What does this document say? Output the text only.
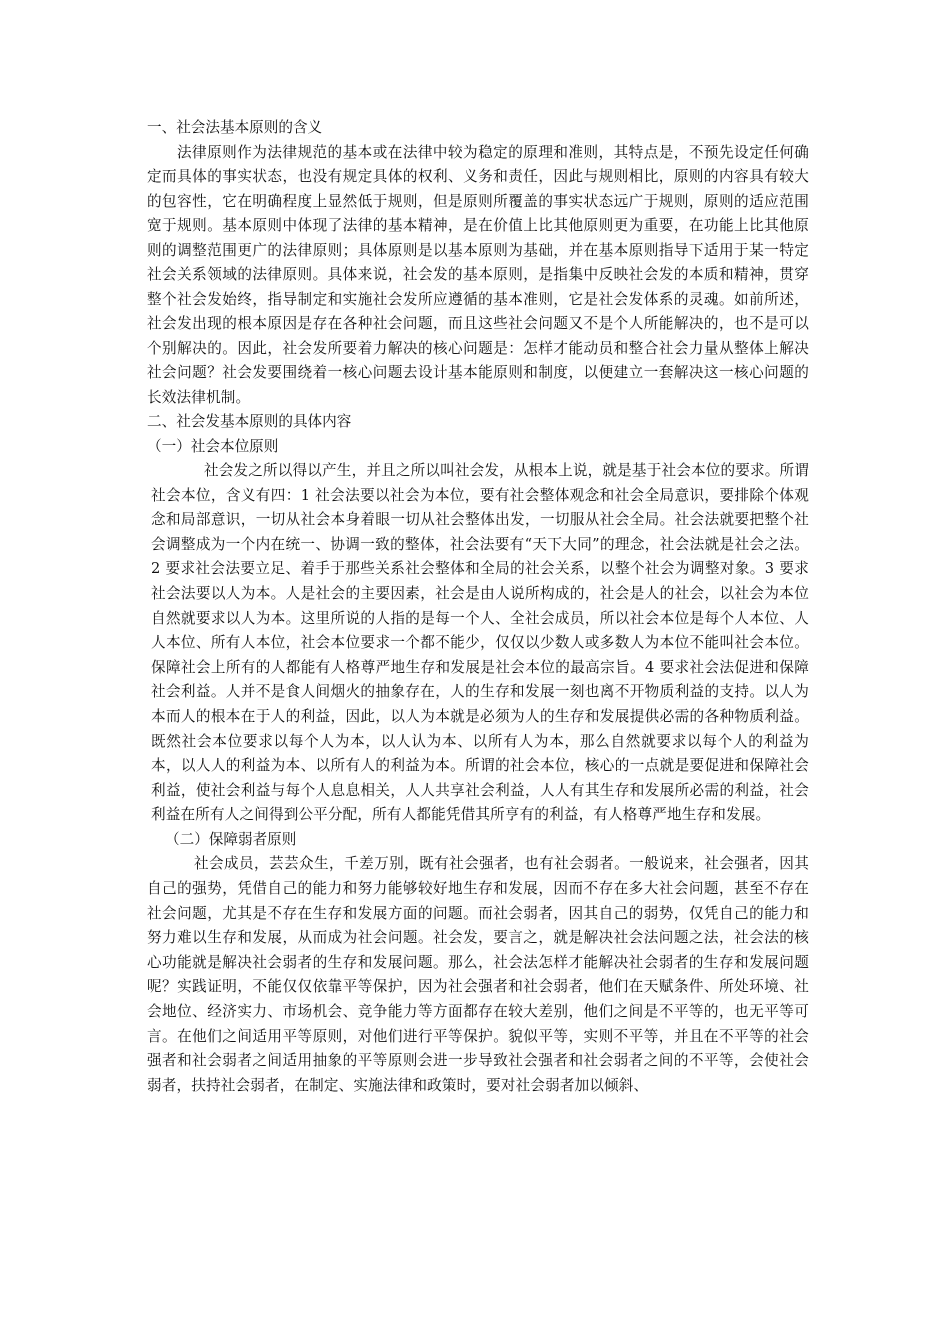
一、社会法基本原则的含义

法律原则作为法律规范的基本或在法律中较为稳定的原理和准则，其特点是，不预先设定任何确定而具体的事实状态，也没有规定具体的权利、义务和责任，因此与规则相比，原则的内容具有较大的包容性，它在明确程度上显然低于规则，但是原则所覆盖的事实状态远广于规则，原则的适应范围宽于规则。基本原则中体现了法律的基本精神，是在价值上比其他原则更为重要，在功能上比其他原则的调整范围更广的法律原则；具体原则是以基本原则为基础，并在基本原则指导下适用于某一特定社会关系领域的法律原则。具体来说，社会发的基本原则，是指集中反映社会发的本质和精神，贯穿整个社会发始终，指导制定和实施社会发所应遵循的基本准则，它是社会发体系的灵魂。如前所述，社会发出现的根本原因是存在各种社会问题，而且这些社会问题又不是个人所能解决的，也不是可以个别解决的。因此，社会发所要着力解决的核心问题是：怎样才能动员和整合社会力量从整体上解决社会问题？社会发要围绕着一核心问题去设计基本能原则和制度，以便建立一套解决这一核心问题的长效法律机制。

二、社会发基本原则的具体内容

（一）社会本位原则

社会发之所以得以产生，并且之所以叫社会发，从根本上说，就是基于社会本位的要求。所谓社会本位，含义有四：1 社会法要以社会为本位，要有社会整体观念和社会全局意识，要排除个体观念和局部意识，一切从社会本身着眼一切从社会整体出发，一切服从社会全局。社会法就要把整个社会调整成为一个内在统一、协调一致的整体，社会法要有“天下大同”的理念，社会法就是社会之法。2 要求社会法要立足、着手于那些关系社会整体和全局的社会关系，以整个社会为调整对象。3 要求社会法要以人为本。人是社会的主要因素，社会是由人说所构成的，社会是人的社会，以社会为本位自然就要求以人为本。这里所说的人指的是每一个人、全社会成员，所以社会本位是每个人本位、人人本位、所有人本位，社会本位要求一个都不能少，仅仅以少数人或多数人为本位不能叫社会本位。保障社会上所有的人都能有人格尊严地生存和发展是社会本位的最高宗旨。4 要求社会法促进和保障社会利益。人并不是食人间烟火的抽象存在，人的生存和发展一刻也离不开物质利益的支持。以人为本而人的根本在于人的利益，因此，以人为本就是必须为人的生存和发展提供必需的各种物质利益。既然社会本位要求以每个人为本，以人认为本、以所有人为本，那么自然就要求以每个人的利益为本，以人人的利益为本、以所有人的利益为本。所谓的社会本位，核心的一点就是要促进和保障社会利益，使社会利益与每个人息息相关，人人共享社会利益，人人有其生存和发展所必需的利益，社会利益在所有人之间得到公平分配，所有人都能凭借其所亨有的利益，有人格尊严地生存和发展。

（二）保障弱者原则

社会成员，芸芸众生，千差万别，既有社会强者，也有社会弱者。一般说来，社会强者，因其自己的强势，凭借自己的能力和努力能够较好地生存和发展，因而不存在多大社会问题，甚至不存在社会问题，尤其是不存在生存和发展方面的问题。而社会弱者，因其自己的弱势，仅凭自己的能力和努力难以生存和发展，从而成为社会问题。社会发，要言之，就是解决社会法问题之法，社会法的核心功能就是解决社会弱者的生存和发展问题。那么，社会法怎样才能解决社会弱者的生存和发展问题呢？实践证明，不能仅仅依靠平等保护，因为社会强者和社会弱者，他们在天赋条件、所处环境、社会地位、经济实力、市场机会、竞争能力等方面都存在较大差别，他们之间是不平等的，也无平等可言。在他们之间适用平等原则，对他们进行平等保护。貌似平等，实则不平等，并且在不平等的社会强者和社会弱者之间适用抽象的平等原则会进一步导致社会强者和社会弱者之间的不平等，会使社会弱者，扶持社会弱者，在制定、实施法律和政策时，要对社会弱者加以倾斜、
